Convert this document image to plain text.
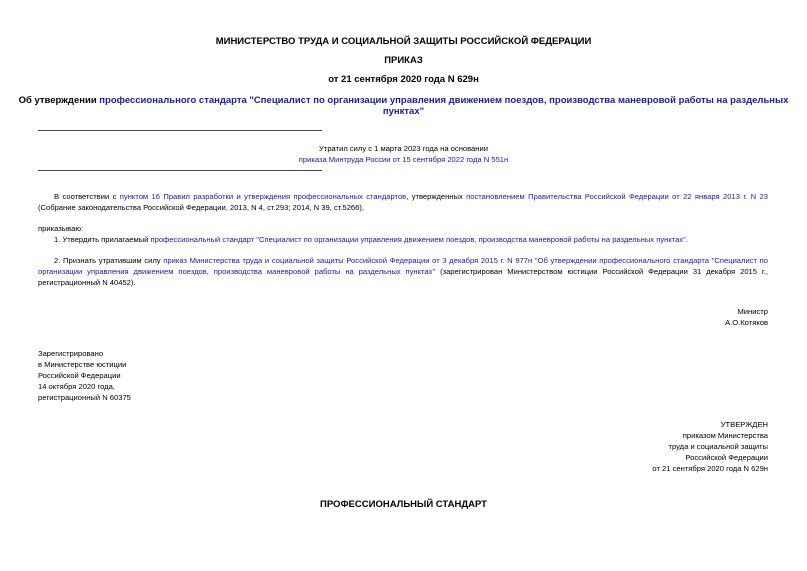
МИНИСТЕРСТВО ТРУДА И СОЦИАЛЬНОЙ ЗАЩИТЫ РОССИЙСКОЙ ФЕДЕРАЦИИ
ПРИКАЗ
от 21 сентября 2020 года N 629н
Об утверждении профессионального стандарта "Специалист по организации управления движением поездов, производства маневровой работы на раздельных
пунктах"
Утратил силу с 1 марта 2023 года на основании
приказа Минтруда России от 15 сентября 2022 года N 551н
В соответствии с пунктом 16 Правил разработки и утверждения профессиональных стандартов, утвержденных постановлением Правительства Российской Федерации от 22 января 2013 г. N 23 (Собрание законодательства Российской Федерации, 2013, N 4, ст.293; 2014, N 39, ст.5266),
приказываю:
1. Утвердить прилагаемый профессиональный стандарт "Специалист по организации управления движением поездов, производства маневровой работы на раздельных пунктах".
2. Признать утратившим силу приказ Министерства труда и социальной защиты Российской Федерации от 3 декабря 2015 г. N 977н "Об утверждении профессионального стандарта "Специалист по организации управления движением поездов, производства маневровой работы на раздельных пунктах" (зарегистрирован Министерством юстиции Российской Федерации 31 декабря 2015 г., регистрационный N 40452).
Министр
А.О.Котяков
Зарегистрировано
в Министерстве юстиции
Российской Федерации
14 октября 2020 года,
регистрационный N 60375
УТВЕРЖДЕН
приказом Министерства
труда и социальной защиты
Российской Федерации
от 21 сентября 2020 года N 629н
ПРОФЕССИОНАЛЬНЫЙ СТАНДАРТ
